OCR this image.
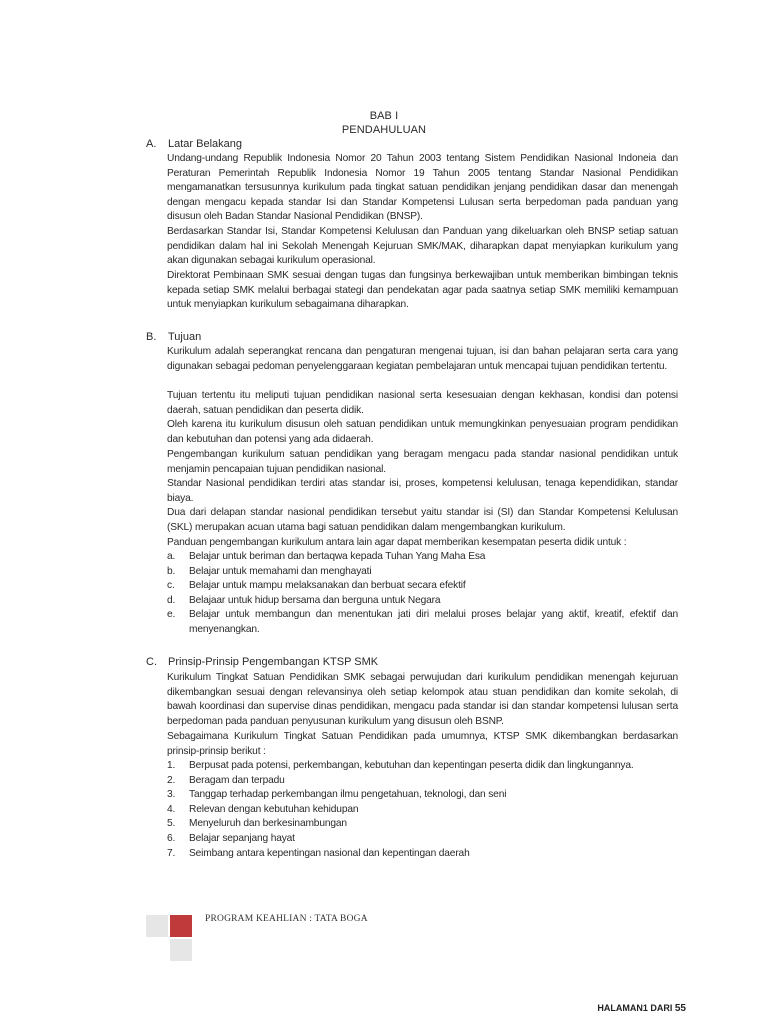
BAB I
PENDAHULUAN
A. Latar Belakang
Undang-undang Republik Indonesia Nomor 20 Tahun 2003 tentang Sistem Pendidikan Nasional Indoneia dan Peraturan Pemerintah Republik Indonesia Nomor 19 Tahun 2005 tentang Standar Nasional Pendidikan mengamanatkan tersusunnya kurikulum pada tingkat satuan pendidikan jenjang pendidikan dasar dan menengah dengan mengacu kepada standar Isi dan Standar Kompetensi Lulusan serta berpedoman pada panduan yang disusun oleh Badan Standar Nasional Pendidikan (BNSP).
Berdasarkan Standar Isi, Standar Kompetensi Kelulusan dan Panduan yang dikeluarkan oleh BNSP setiap satuan pendidikan dalam hal ini Sekolah Menengah Kejuruan SMK/MAK, diharapkan dapat menyiapkan kurikulum yang akan digunakan sebagai kurikulum operasional.
Direktorat Pembinaan SMK sesuai dengan tugas dan fungsinya berkewajiban untuk memberikan bimbingan teknis kepada setiap SMK melalui berbagai stategi dan pendekatan agar pada saatnya setiap SMK memiliki kemampuan untuk menyiapkan kurikulum sebagaimana diharapkan.
B. Tujuan
Kurikulum adalah seperangkat rencana dan pengaturan mengenai tujuan, isi dan bahan pelajaran serta cara yang digunakan sebagai pedoman penyelenggaraan kegiatan pembelajaran untuk mencapai tujuan pendidikan tertentu.
Tujuan tertentu itu meliputi tujuan pendidikan nasional serta kesesuaian dengan kekhasan, kondisi dan potensi daerah, satuan pendidikan dan peserta didik.
Oleh karena itu kurikulum disusun oleh satuan pendidikan untuk memungkinkan penyesuaian program pendidikan dan kebutuhan dan potensi yang ada didaerah.
Pengembangan kurikulum satuan pendidikan yang beragam mengacu pada standar nasional pendidikan untuk menjamin pencapaian tujuan pendidikan nasional.
Standar Nasional pendidikan terdiri atas standar isi, proses, kompetensi kelulusan, tenaga kependidikan, standar biaya.
Dua dari delapan standar nasional pendidikan tersebut yaitu standar isi (SI) dan Standar Kompetensi Kelulusan (SKL) merupakan acuan utama bagi satuan pendidikan dalam mengembangkan kurikulum.
Panduan pengembangan kurikulum antara lain agar dapat memberikan kesempatan peserta didik untuk :
a. Belajar untuk beriman dan bertaqwa kepada Tuhan Yang Maha Esa
b. Belajar untuk memahami dan menghayati
c. Belajar untuk mampu melaksanakan dan berbuat secara efektif
d. Belajaar untuk hidup bersama dan berguna untuk Negara
e. Belajar untuk membangun dan menentukan jati diri melalui proses belajar yang aktif, kreatif, efektif dan menyenangkan.
C. Prinsip-Prinsip Pengembangan KTSP SMK
Kurikulum Tingkat Satuan Pendidikan SMK sebagai perwujudan dari kurikulum pendidikan menengah kejuruan dikembangkan sesuai dengan relevansinya oleh setiap kelompok atau stuan pendidikan dan komite sekolah, di bawah koordinasi dan supervise dinas pendidikan, mengacu pada standar isi dan standar kompetensi lulusan serta berpedoman pada panduan penyusunan kurikulum yang disusun oleh BSNP.
Sebagaimana Kurikulum Tingkat Satuan Pendidikan pada umumnya, KTSP SMK dikembangkan berdasarkan prinsip-prinsip berikut :
1. Berpusat pada potensi, perkembangan, kebutuhan dan kepentingan peserta didik dan lingkungannya.
2. Beragam dan terpadu
3. Tanggap terhadap perkembangan ilmu pengetahuan, teknologi, dan seni
4. Relevan dengan kebutuhan kehidupan
5. Menyeluruh dan berkesinambungan
6. Belajar sepanjang hayat
7. Seimbang antara kepentingan nasional dan kepentingan daerah
PROGRAM KEAHLIAN : TATA BOGA
HALAMAN1 DARI 55
